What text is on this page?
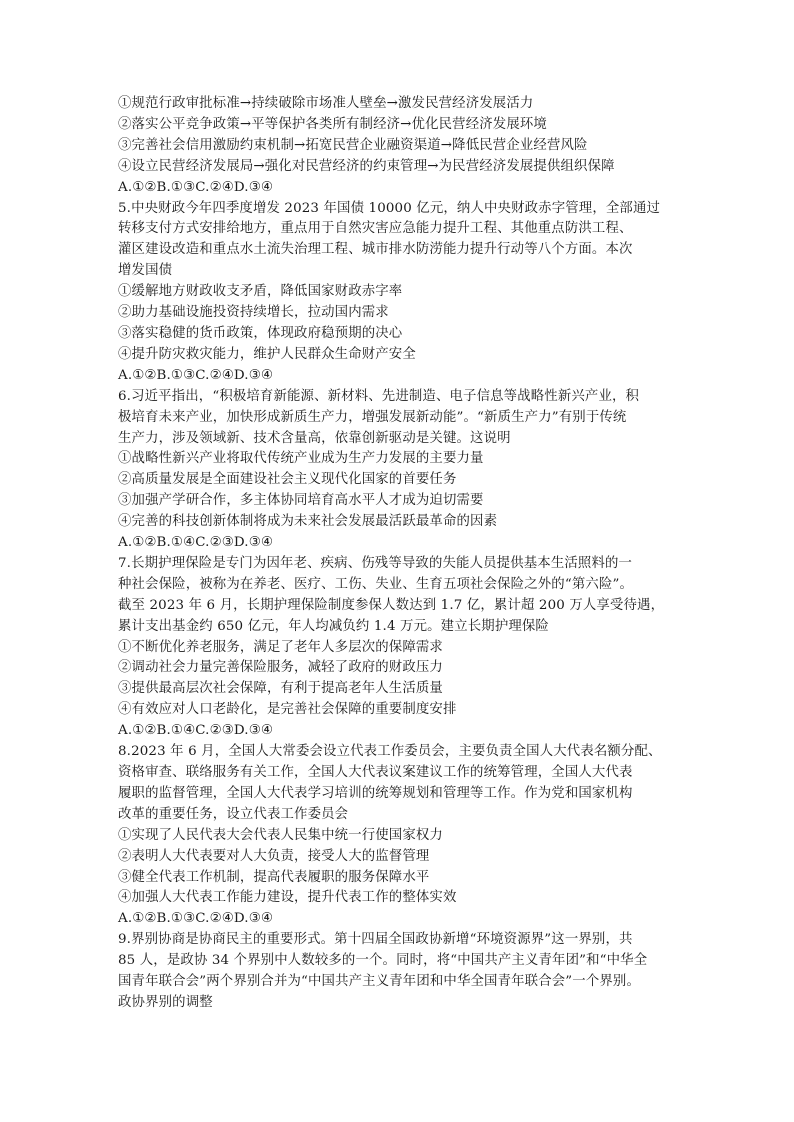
①规范行政审批标准→持续破除市场准人壁垒→激发民营经济发展活力
②落实公平竞争政策→平等保护各类所有制经济→优化民营经济发展环境
③完善社会信用激励约束机制→拓宽民营企业融资渠道→降低民营企业经营风险
④设立民营经济发展局→强化对民营经济的约束管理→为民营经济发展提供组织保障
A.①②B.①③C.②④D.③④
5.中央财政今年四季度增发 2023 年国债 10000 亿元，纳人中央财政赤字管理，全部通过
转移支付方式安排给地方，重点用于自然灾害应急能力提升工程、其他重点防洪工程、
灌区建设改造和重点水土流失治理工程、城市排水防涝能力提升行动等八个方面。本次
增发国债
①缓解地方财政收支矛盾，降低国家财政赤字率
②助力基础设施投资持续增长，拉动国内需求
③落实稳健的货币政策，体现政府稳预期的决心
④提升防灾救灾能力，维护人民群众生命财产安全
A.①②B.①③C.②④D.③④
6.习近平指出，“积极培育新能源、新材料、先进制造、电子信息等战略性新兴产业，积
极培育未来产业，加快形成新质生产力，增强发展新动能”。“新质生产力”有别于传统
生产力，涉及领域新、技术含量高，依靠创新驱动是关键。这说明
①战略性新兴产业将取代传统产业成为生产力发展的主要力量
②高质量发展是全面建设社会主义现代化国家的首要任务
③加强产学研合作，多主体协同培育高水平人才成为迫切需要
④完善的科技创新体制将成为未来社会发展最活跃最革命的因素
A.①②B.①④C.②③D.③④
7.长期护理保险是专门为因年老、疾病、伤残等导致的失能人员提供基本生活照料的一
种社会保险，被称为在养老、医疗、工伤、失业、生育五项社会保险之外的“第六险”。
截至 2023 年 6 月，长期护理保险制度参保人数达到 1.7 亿，累计超 200 万人享受待遇，
累计支出基金约 650 亿元，年人均减负约 1.4 万元。建立长期护理保险
①不断优化养老服务，满足了老年人多层次的保障需求
②调动社会力量完善保险服务，减轻了政府的财政压力
③提供最高层次社会保障，有利于提高老年人生活质量
④有效应对人口老龄化，是完善社会保障的重要制度安排
A.①②B.①④C.②③D.③④
8.2023 年 6 月，全国人大常委会设立代表工作委员会，主要负责全国人大代表名额分配、
资格审查、联络服务有关工作，全国人大代表议案建议工作的统筹管理，全国人大代表
履职的监督管理，全国人大代表学习培训的统筹规划和管理等工作。作为党和国家机构
改革的重要任务，设立代表工作委员会
①实现了人民代表大会代表人民集中统一行使国家权力
②表明人大代表要对人大负责，接受人大的监督管理
③健全代表工作机制，提高代表履职的服务保障水平
④加强人大代表工作能力建设，提升代表工作的整体实效
A.①②B.①③C.②④D.③④
9.界别协商是协商民主的重要形式。第十四届全国政协新增“环境资源界”这一界别，共
85 人，是政协 34 个界别中人数较多的一个。同时，将“中国共产主义青年团”和“中华全
国青年联合会”两个界别合并为“中国共产主义青年团和中华全国青年联合会”一个界别。
政协界别的调整
